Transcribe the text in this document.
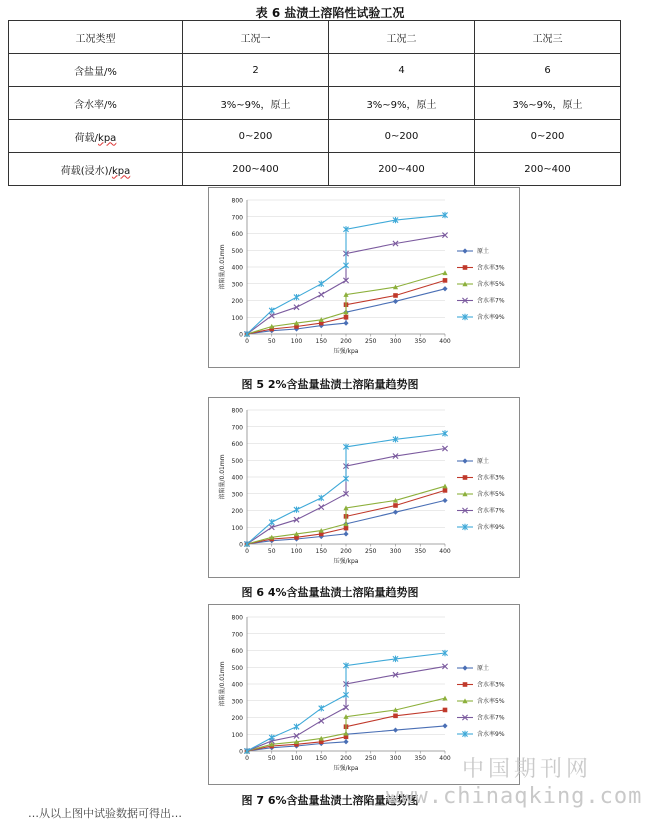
表 6 盐渍土溶陷性试验工况
工况类型	工况一	工况二	工况三
含盐量/%	2	4	6
含水率/%	3%~9%，原土	3%~9%，原土	3%~9%，原土
荷载/kpa	0~200	0~200	0~200
荷载(浸水)/kpa	200~400	200~400	200~400
0
100
200
300
400
500
600
700
800
0	50	100 150 200 250 300 350 400
压强/kpa
溶陷量/0.01mm	原土
含水率3%
含水率5%
含水率7%
含水率9%
图 5 2%含盐量盐渍土溶陷量趋势图
0
100
200
300
400
500
600
700
800
0	50	100 150 200 250 300 350 400
压强/kpa
溶陷量/0.01mm	原土
含水率3%
含水率5%
含水率7%
含水率9%
图 6 4%含盐量盐渍土溶陷量趋势图
0
100
200
300
400
500
600
700
800
0	50	100 150 200 250 300 350 400
压强/kpa
溶陷量/0.01mm	原土
含水率3%
含水率5%
含水率7%
含水率9%
图 7 6%含盐量盐渍土溶陷量趋势图
中国期刊网
www.chinaqking.com
…从以上图中试验数据可得出…
